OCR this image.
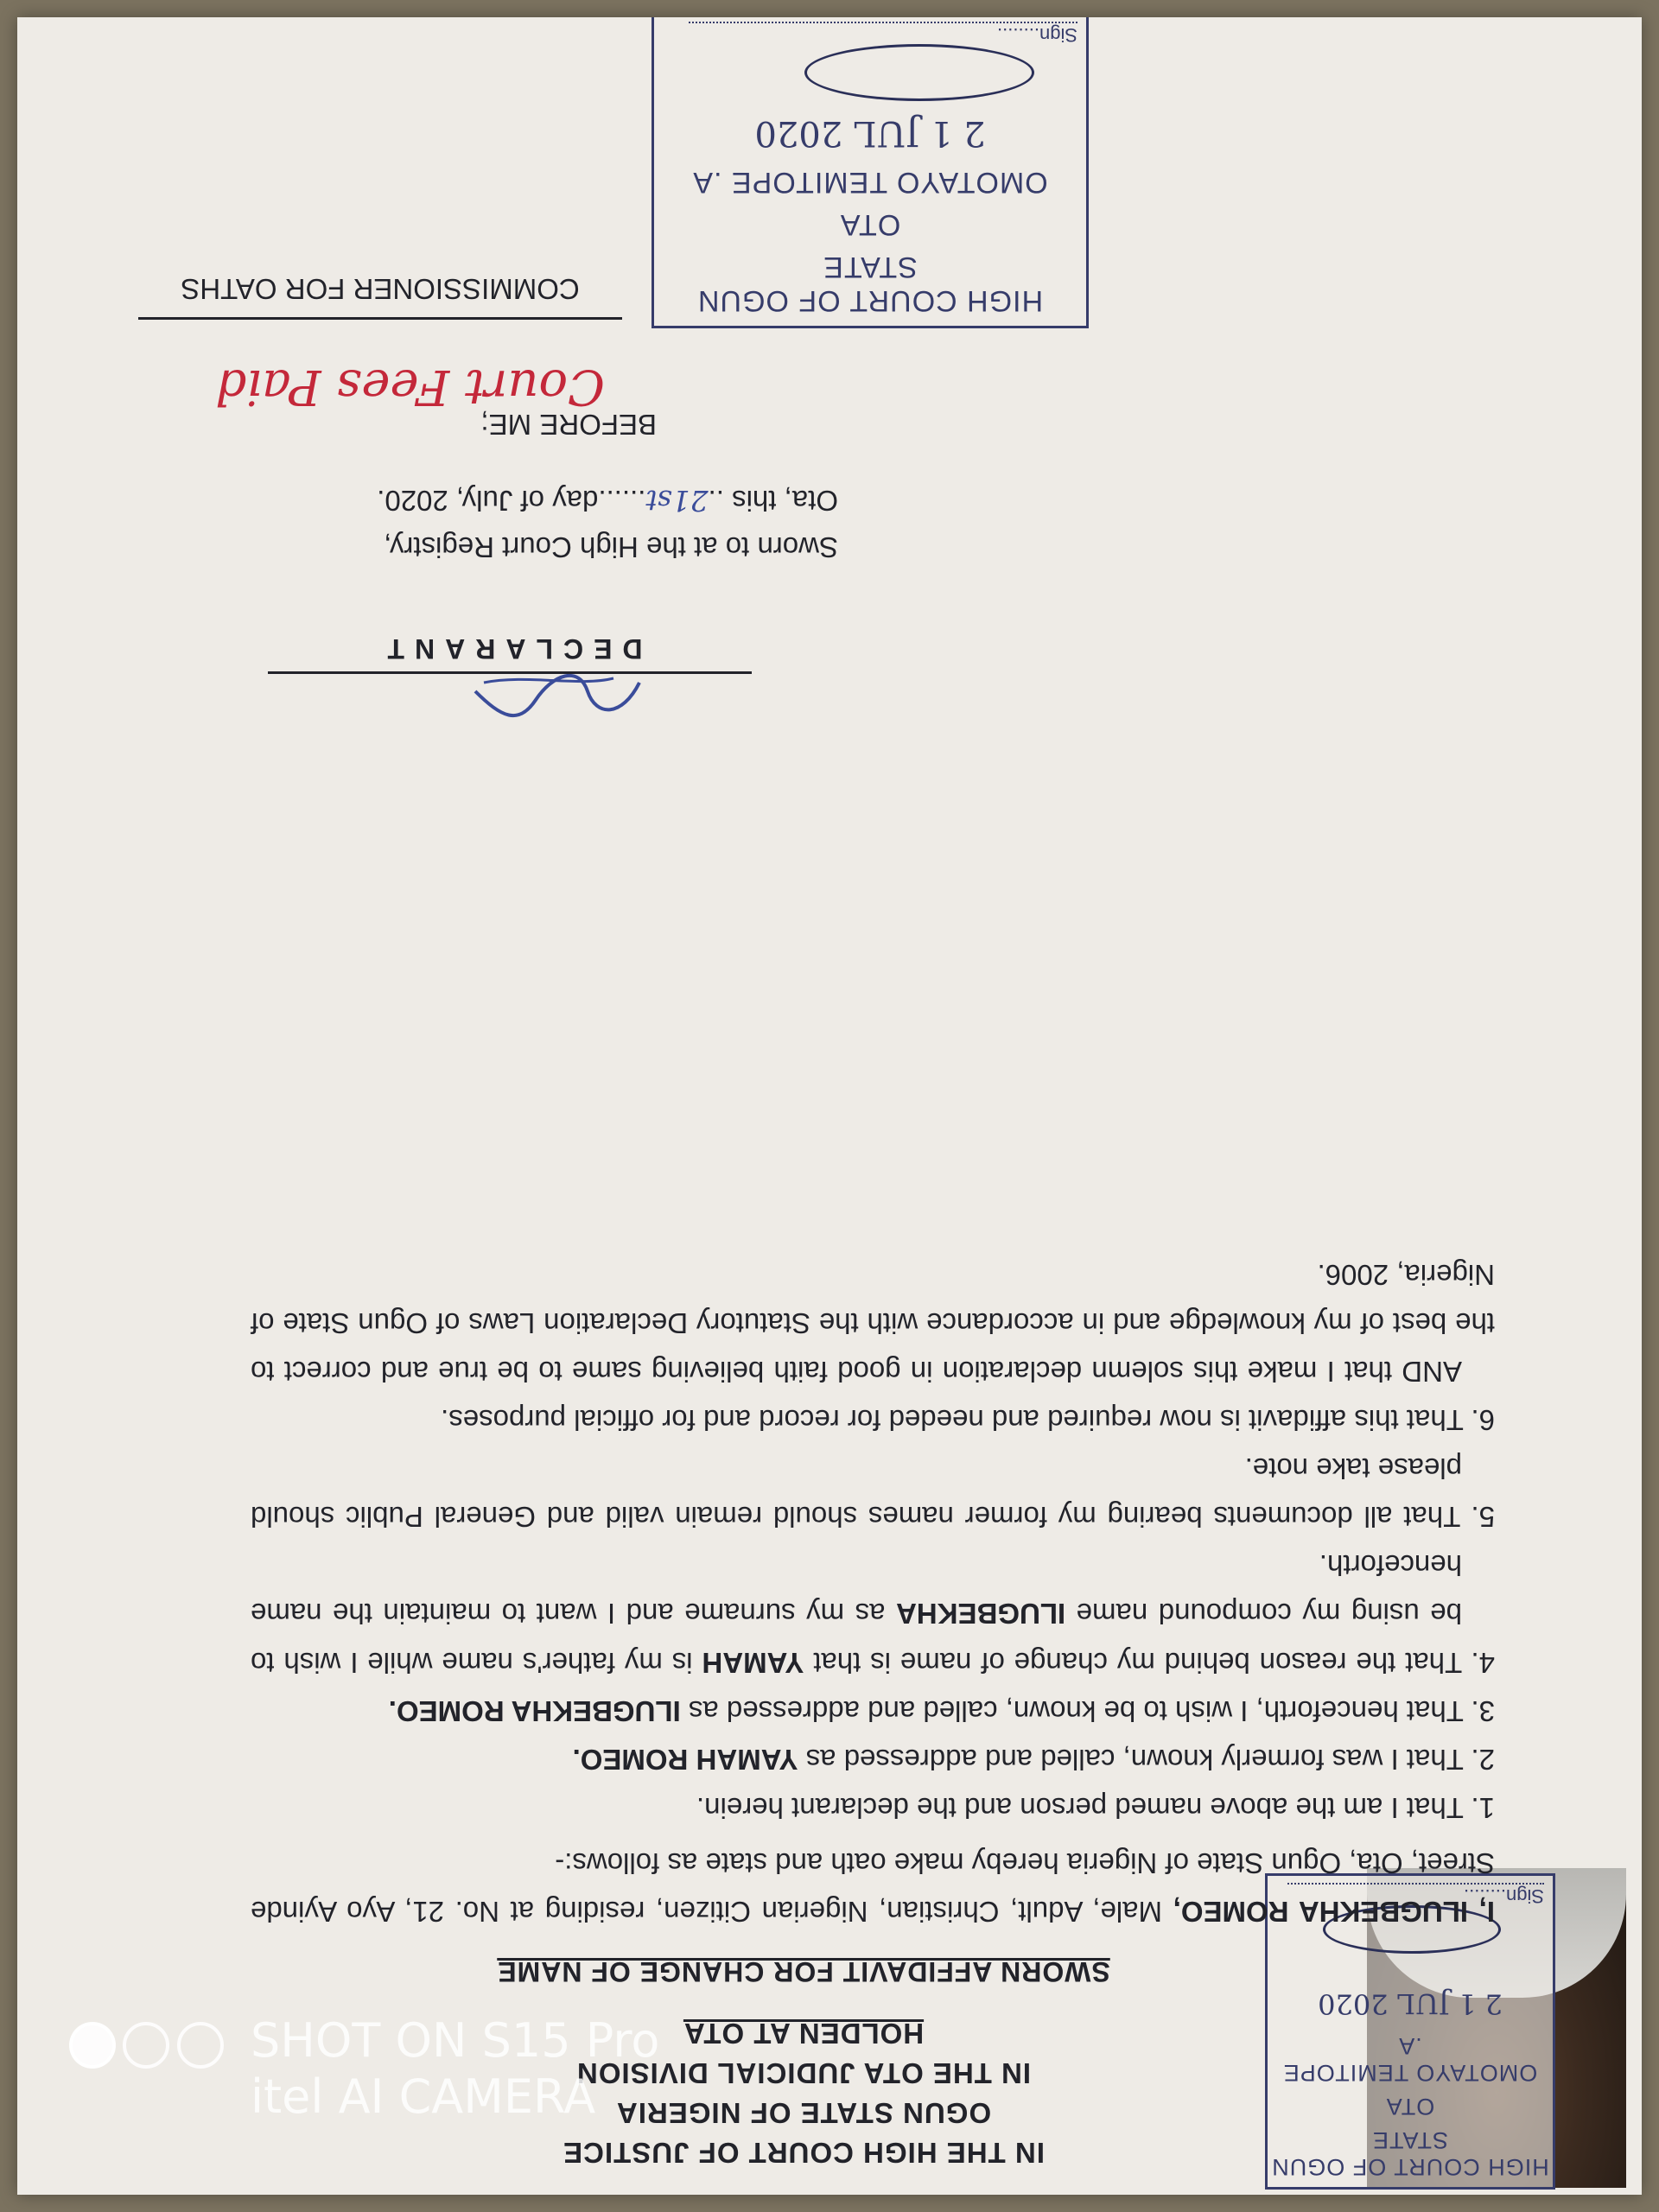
HIGH COURT OF OGUN STATE
OTA
OMOTAYO TEMITOPE .A
2 1 JUL 2020
Sign........
IN THE HIGH COURT OF JUSTICE
OGUN STATE OF NIGERIA
IN THE OTA JUDICIAL DIVISION
HOLDEN AT OTA
SWORN AFFIDAVIT FOR CHANGE OF NAME

I, ILUGBEKHA ROMEO, Male, Adult, Christian, Nigerian Citizen, residing at No. 21, Ayo Ayinde Street, Ota, Ogun State of Nigeria hereby make oath and state as follows:-

1. That I am the above named person and the declarant herein.
2. That I was formerly known, called and addressed as YAMAH ROMEO.
3. That henceforth, I wish to be known, called and addressed as ILUGBEKHA ROMEO.
4. That the reason behind my change of name is that YAMAH is my father's name while I wish to be using my compound name ILUGBEKHA as my surname and I want to maintain the name henceforth.
5. That all documents bearing my former names should remain valid and General Public should please take note.
6. That this affidavit is now required and needed for record and for official purposes.

AND that I make this solemn declaration in good faith believing same to be true and correct to the best of my knowledge and in accordance with the Statutory Declaration Laws of Ogun State of Nigeria, 2006.

DECLARANT
Sworn to at the High Court Registry,
Ota, this ..21st......day of July, 2020.
BEFORE ME;
Court Fees Paid
COMMISSIONER FOR OATHS	HIGH COURT OF OGUN STATE
OTA
OMOTAYO TEMITOPE .A
2 1 JUL 2020
Sign........

SHOT ON S15 Pro
itel AI CAMERA
